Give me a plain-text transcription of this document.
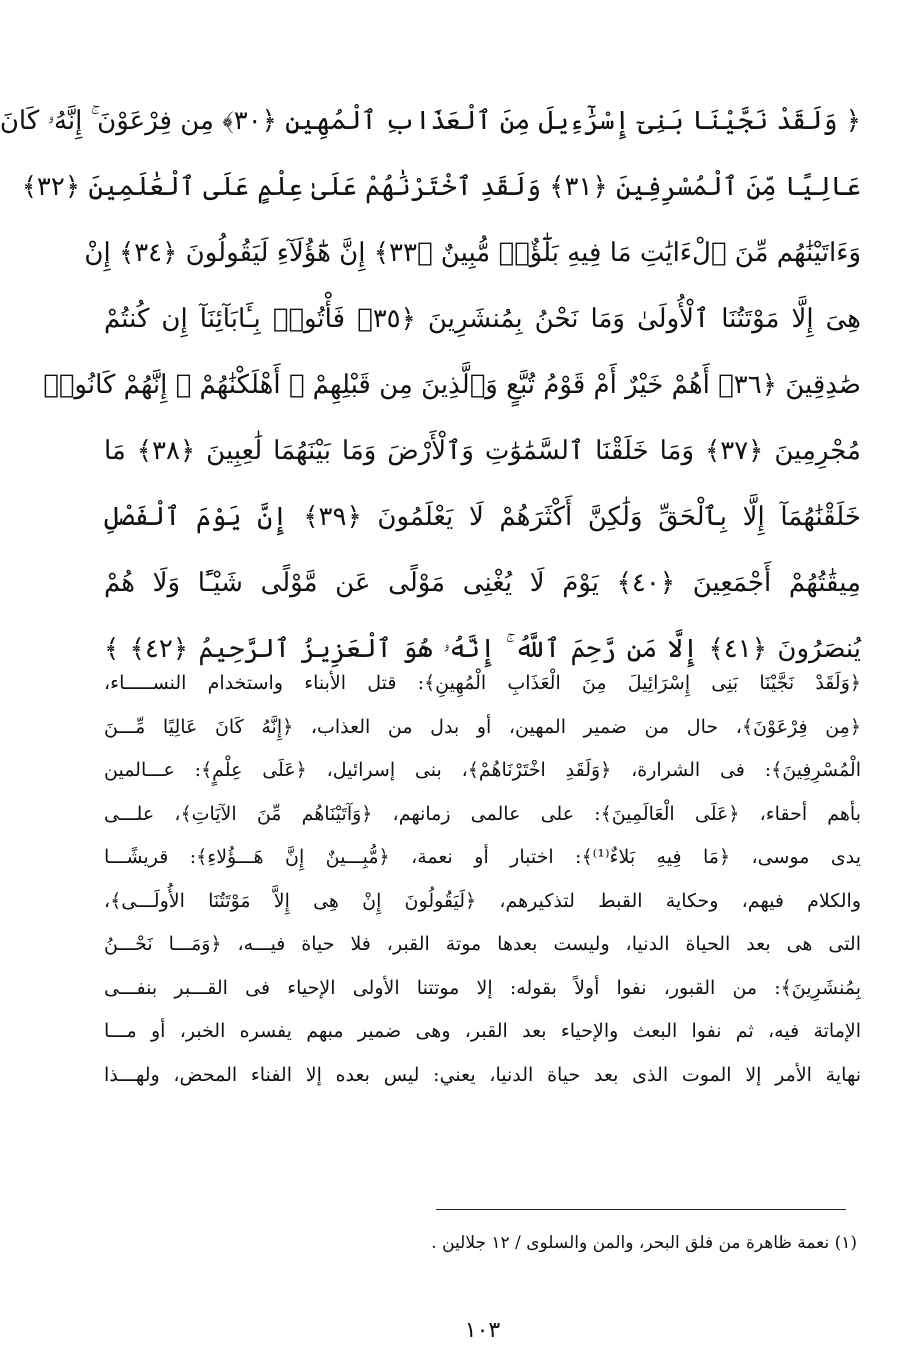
﴿ وَلَقَدْ نَجَّيْنَا بَنِىٓ إِسْرَٰٓءِيلَ مِنَ ٱلْعَذَابِ ٱلْمُهِينِ ﴿٣٠﴾ مِن فِرْعَوْنَ ۚ إِنَّهُۥ كَانَ
عَالِيًا مِّنَ ٱلْمُسْرِفِينَ ﴿٣١﴾ وَلَقَدِ ٱخْتَرْنَٰهُمْ عَلَىٰ عِلْمٍ عَلَى ٱلْعَٰلَمِينَ ﴿٣٢﴾
وَءَاتَيْنَٰهُم مِّنَ ٱلْءَايَٰتِ مَا فِيهِ بَلَٰٓؤٌا۟ مُّبِينٌ ﴿٣٣﴾ إِنَّ هَٰٓؤُلَآءِ لَيَقُولُونَ ﴿٣٤﴾ إِنْ
هِىَ إِلَّا مَوْتَتُنَا ٱلْأُولَىٰ وَمَا نَحْنُ بِمُنشَرِينَ ﴿٣٥﴾ فَأْتُوا۟ بِـَٔابَآئِنَآ إِن كُنتُمْ
صَٰدِقِينَ ﴿٣٦﴾ أَهُمْ خَيْرٌ أَمْ قَوْمُ تُبَّعٍ وَٱلَّذِينَ مِن قَبْلِهِمْ ۚ أَهْلَكْنَٰهُمْ ۖ إِنَّهُمْ كَانُوا۟
مُجْرِمِينَ ﴿٣٧﴾ وَمَا خَلَقْنَا ٱلسَّمَٰوَٰتِ وَٱلْأَرْضَ وَمَا بَيْنَهُمَا لَٰعِبِينَ ﴿٣٨﴾ مَا
خَلَقْنَٰهُمَآ إِلَّا بِٱلْحَقِّ وَلَٰكِنَّ أَكْثَرَهُمْ لَا يَعْلَمُونَ ﴿٣٩﴾ إِنَّ يَوْمَ ٱلْفَصْلِ
مِيقَٰتُهُمْ أَجْمَعِينَ ﴿٤٠﴾ يَوْمَ لَا يُغْنِى مَوْلًى عَن مَّوْلًى شَيْـًٔا وَلَا هُمْ
يُنصَرُونَ ﴿٤١﴾ إِلَّا مَن رَّحِمَ ٱللَّهُ ۚ إِنَّهُۥ هُوَ ٱلْعَزِيزُ ٱلرَّحِيمُ ﴿٤٢﴾ ﴾
﴿وَلَقَدْ نَجَّيْنَا بَنِى إِسْرَائِيلَ مِنَ الْعَذَابِ الْمُهِينِ﴾: قتل الأبناء واستخدام النســـــاء،
﴿مِن فِرْعَوْنَ﴾، حال من ضمير المهين، أو بدل من العذاب، ﴿إِنَّهُ كَانَ عَالِيًا مِّـــنَ
الْمُسْرِفِينَ﴾: فى الشرارة، ﴿وَلَقَدِ اخْتَرْنَاهُمْ﴾، بنى إسرائيل، ﴿عَلَى عِلْمٍ﴾: عـــالمين
بأهم أحقاء، ﴿عَلَى الْعَالَمِينَ﴾: على عالمى زمانهم، ﴿وَآتَيْنَاهُم مِّنَ الآيَاتِ﴾، علـــى
يدى موسى، ﴿مَا فِيهِ بَلاءٌ⁽¹⁾﴾: اختبار أو نعمة، ﴿مُّبِـــينٌ إِنَّ هَـــؤُلاءِ﴾: قريشًـــا
والكلام فيهم، وحكاية القبط لتذكيرهم، ﴿لَيَقُولُونَ إِنْ هِى إِلاَّ مَوْتَتُنَا الأُولَـــى﴾،
التى هى بعد الحياة الدنيا، وليست بعدها موتة القبر، فلا حياة فيـــه، ﴿وَمَـــا نَحْـــنُ
بِمُنشَرِينَ﴾: من القبور، نفوا أولاً بقوله: إلا موتتنا الأولى الإحياء فى القـــبر بنفـــى
الإماتة فيه، ثم نفوا البعث والإحياء بعد القبر، وهى ضمير مبهم يفسره الخبر، أو مـــا
نهاية الأمر إلا الموت الذى بعد حياة الدنيا، يعني: ليس بعده إلا الفناء المحض، ولهـــذا
(١) نعمة ظاهرة من فلق البحر، والمن والسلوى / ١٢ جلالين .
١٠٣
